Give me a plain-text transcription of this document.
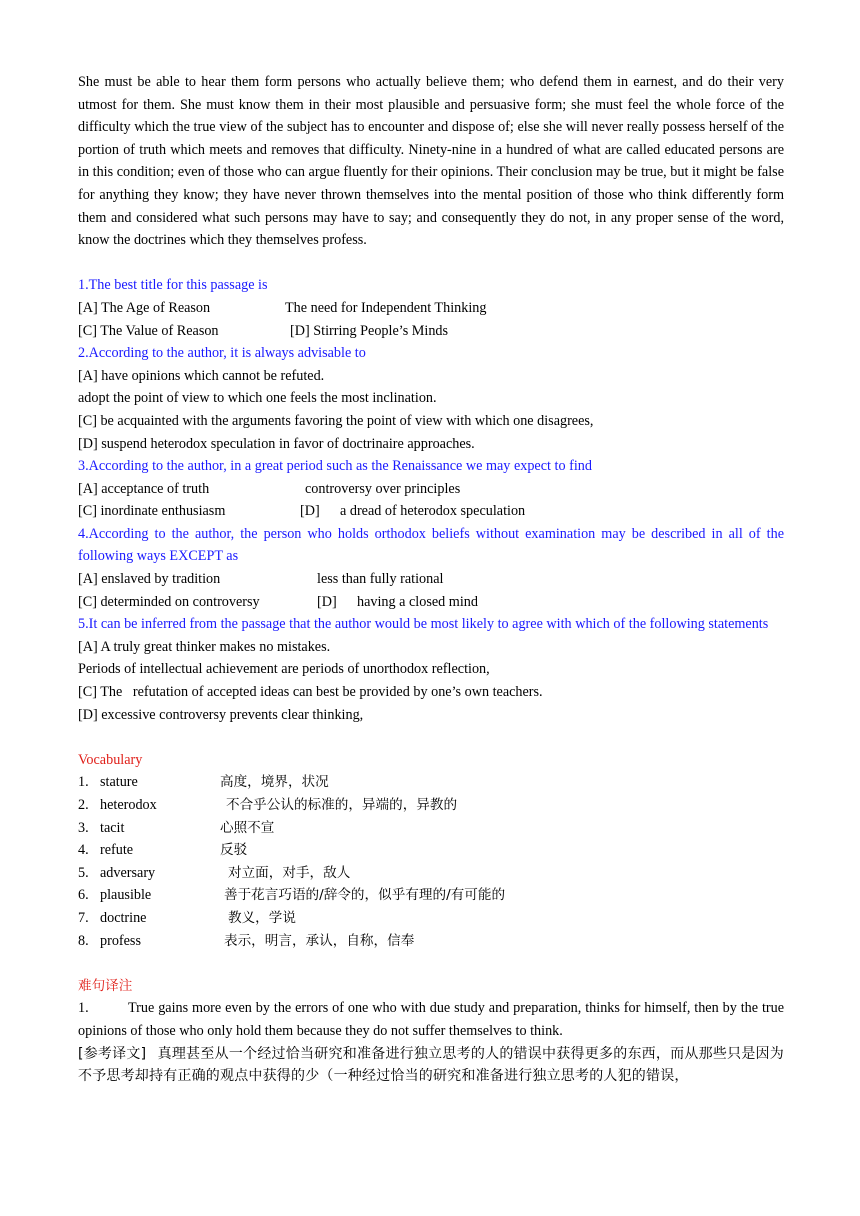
She must be able to hear them form persons who actually believe them; who defend them in earnest, and do their very utmost for them. She must know them in their most plausible and persuasive form; she must feel the whole force of the difficulty which the true view of the subject has to encounter and dispose of; else she will never really possess herself of the portion of truth which meets and removes that difficulty. Ninety-nine in a hundred of what are called educated persons are in this condition; even of those who can argue fluently for their opinions. Their conclusion may be true, but it might be false for anything they know; they have never thrown themselves into the mental position of those who think differently form them and considered what such persons may have to say; and consequently they do not, in any proper sense of the word, know the doctrines which they themselves profess.

1.The best title for this passage is

[A] The Age of Reason	The need for Independent Thinking
[C] The Value of Reason	[D] Stirring People’s Minds

2.According to the author, it is always advisable to

[A] have opinions which cannot be refuted.

adopt the point of view to which one feels the most inclination.

[C] be acquainted with the arguments favoring the point of view with which one disagrees,

[D] suspend heterodox speculation in favor of doctrinaire approaches.

3.According to the author, in a great period such as the Renaissance we may expect to find

[A] acceptance of truth	controversy over principles
[C] inordinate enthusiasm	[D] a dread of heterodox speculation

4.According to the author, the person who holds orthodox beliefs without examination may be described in all of the following ways EXCEPT as

[A] enslaved by tradition	less than fully rational
[C] determinded on controversy	[D] having a closed mind

5.It can be inferred from the passage that the author would be most likely to agree with which of the following statements

[A] A truly great thinker makes no mistakes.

Periods of intellectual achievement are periods of unorthodox reflection,

[C] The   refutation of accepted ideas can best be provided by one’s own teachers.

[D] excessive controversy prevents clear thinking,

Vocabulary

1. stature	高度，境界，状况
2. heterodox	不合乎公认的标准的，异端的，异教的
3. tacit	心照不宣
4. refute	反驳
5. adversary	对立面，对手，敌人
6. plausible	善于花言巧语的/辞令的，似乎有理的/有可能的
7. doctrine	教义，学说
8. profess	表示，明言，承认，自称，信奉

难句译注

1.	True gains more even by the errors of one who with due study and preparation, thinks for himself, then by the true opinions of those who only hold them because they do not suffer themselves to think.

[参考译文] 真理甚至从一个经过恰当研究和准备进行独立思考的人的错误中获得更多的东西，而从那些只是因为不予思考却持有正确的观点中获得的少（一种经过恰当的研究和准备进行独立思考的人犯的错误，
